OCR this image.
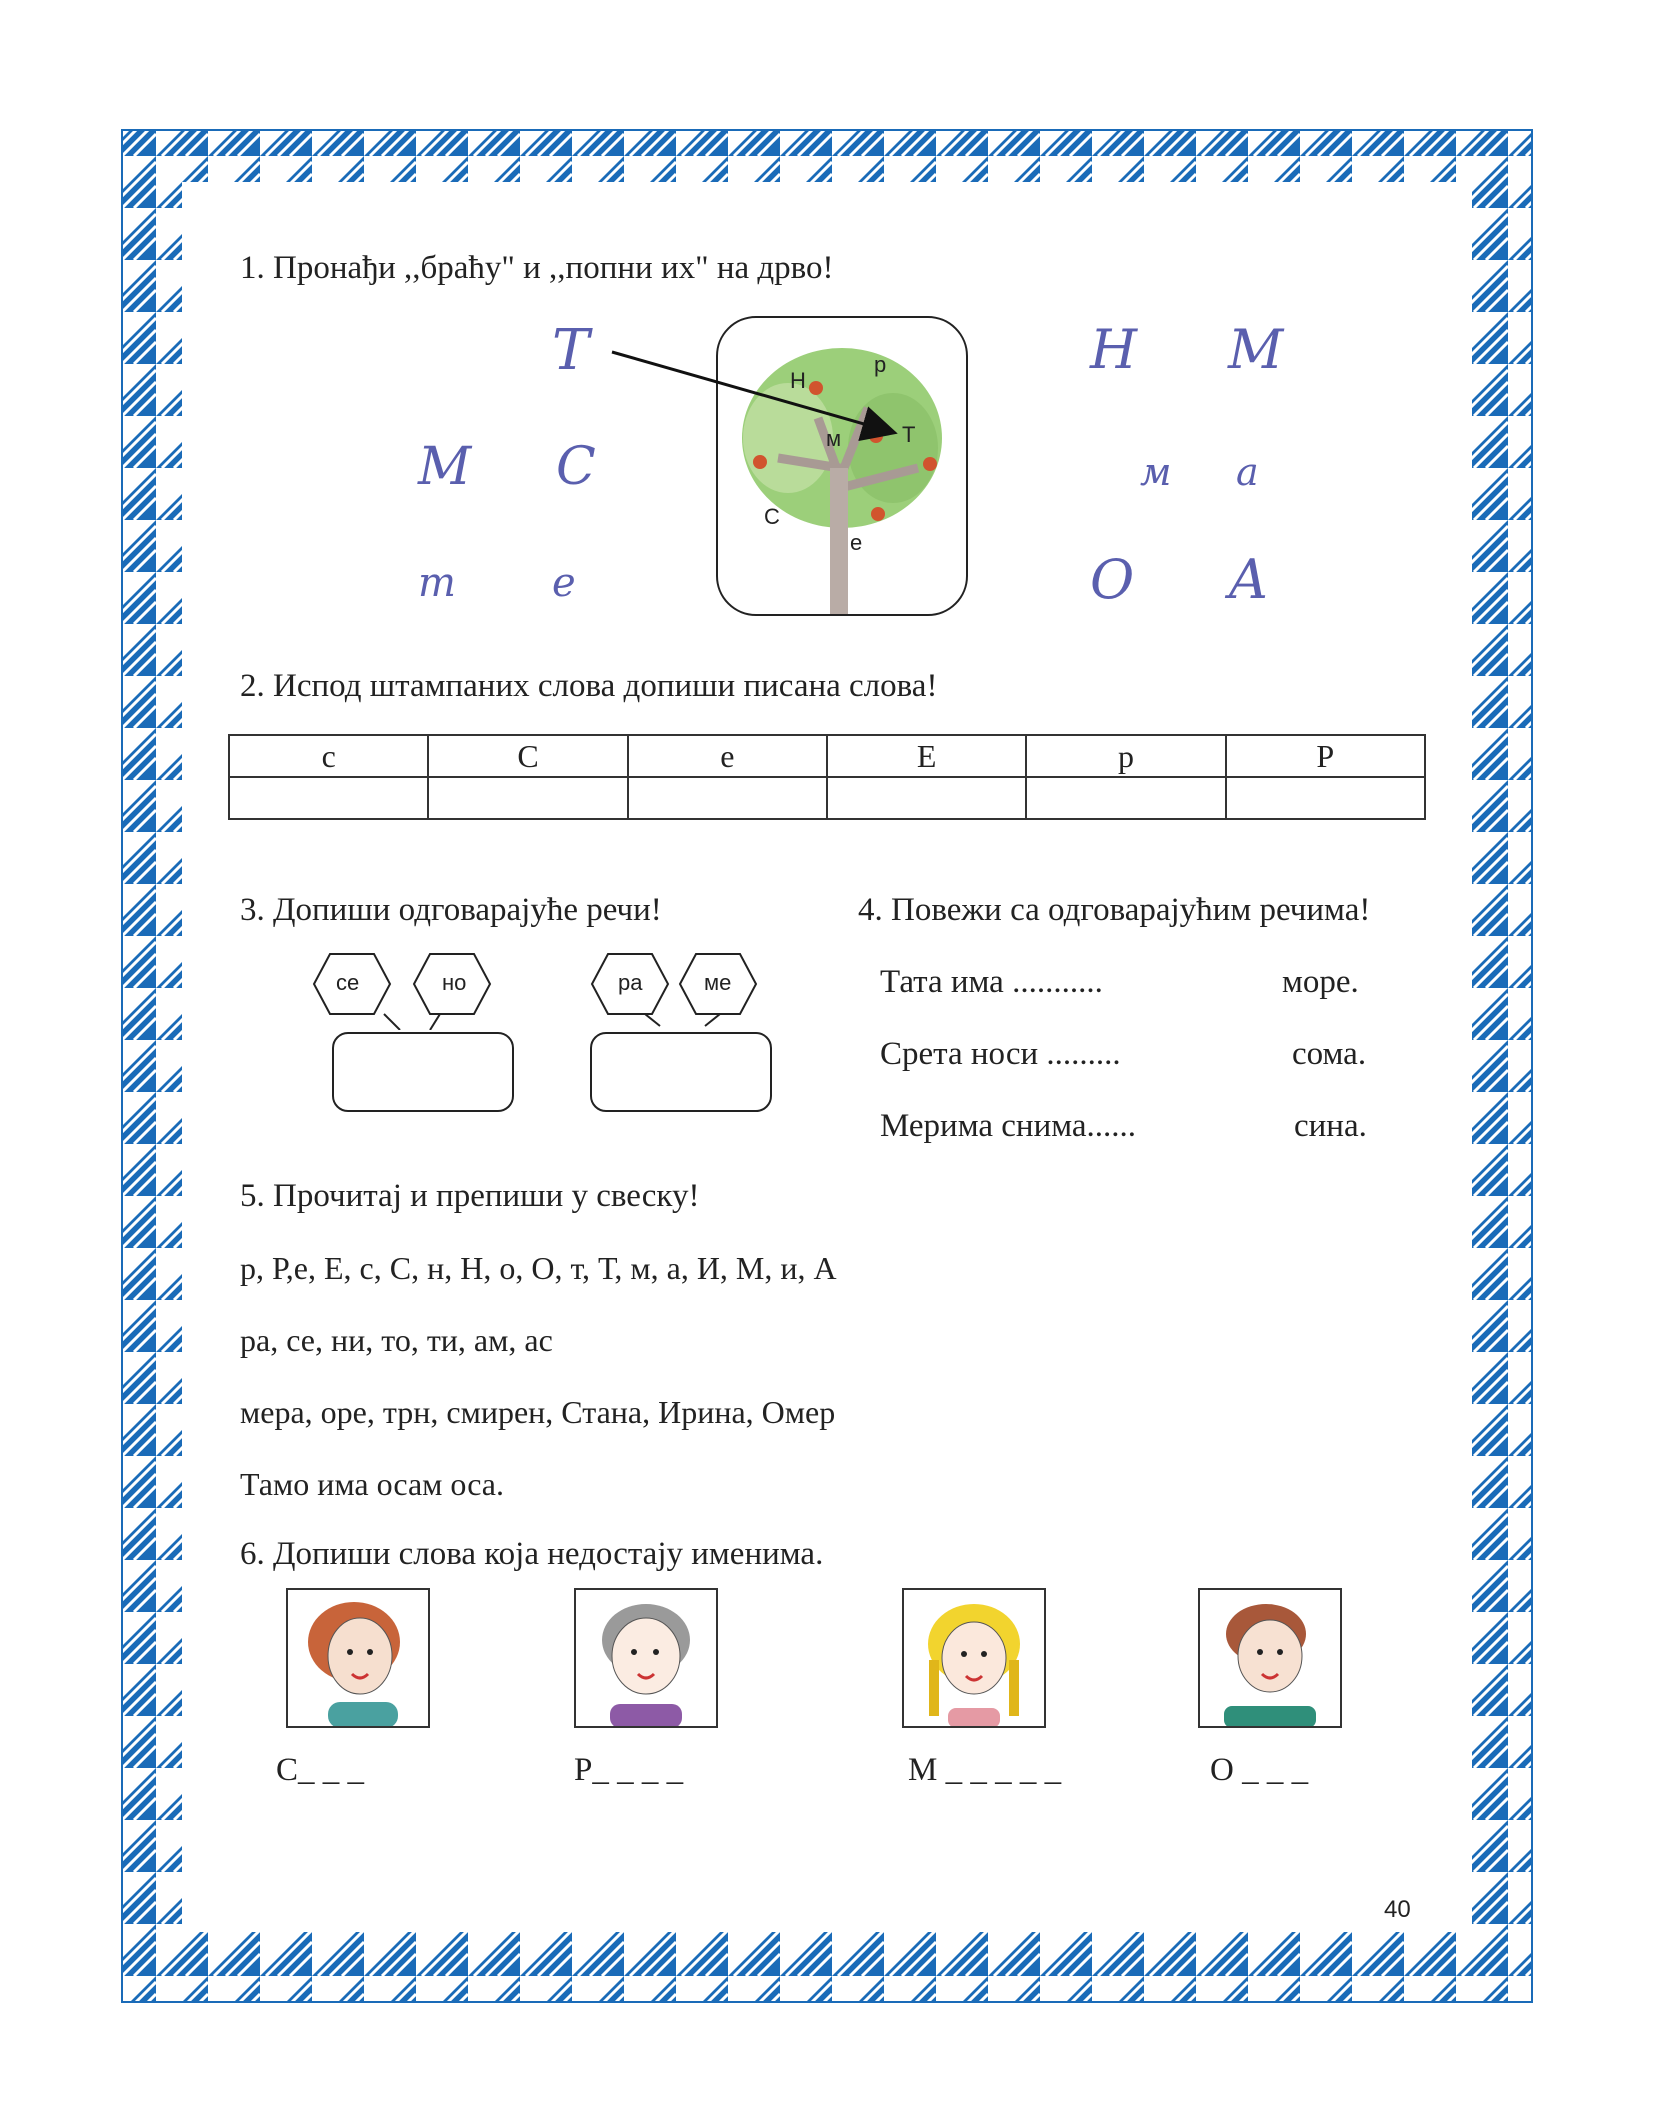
1. Пронађи ,,браћу" и ,,попни их" на дрво!
Т
М С
т е
Н М
м а
О А
Н
р
м	Т
С
е
2. Испод штампаних слова допиши писана слова!
с	С	е	Е	р	Р

3. Допиши одговарајуће речи!
се	но	ра	ме
4. Повежи са одговарајућим речима!
Тата има ...........	море.
Срета носи .........	сома.
Мерима снима......	сина.
5. Прочитај и препиши у свеску!
р, Р,е, Е, с, С, н, Н, о, О, т, Т, м, а, И, М, и, А
ра, се, ни, то, ти, ам, ас
мера, оре, трн, смирен, Стана, Ирина, Омер
Тамо има осам оса.
6. Допиши слова која недостају именима.
С_ _ _	Р_ _ _ _	М _ _ _ _ _	О _ _ _
40
